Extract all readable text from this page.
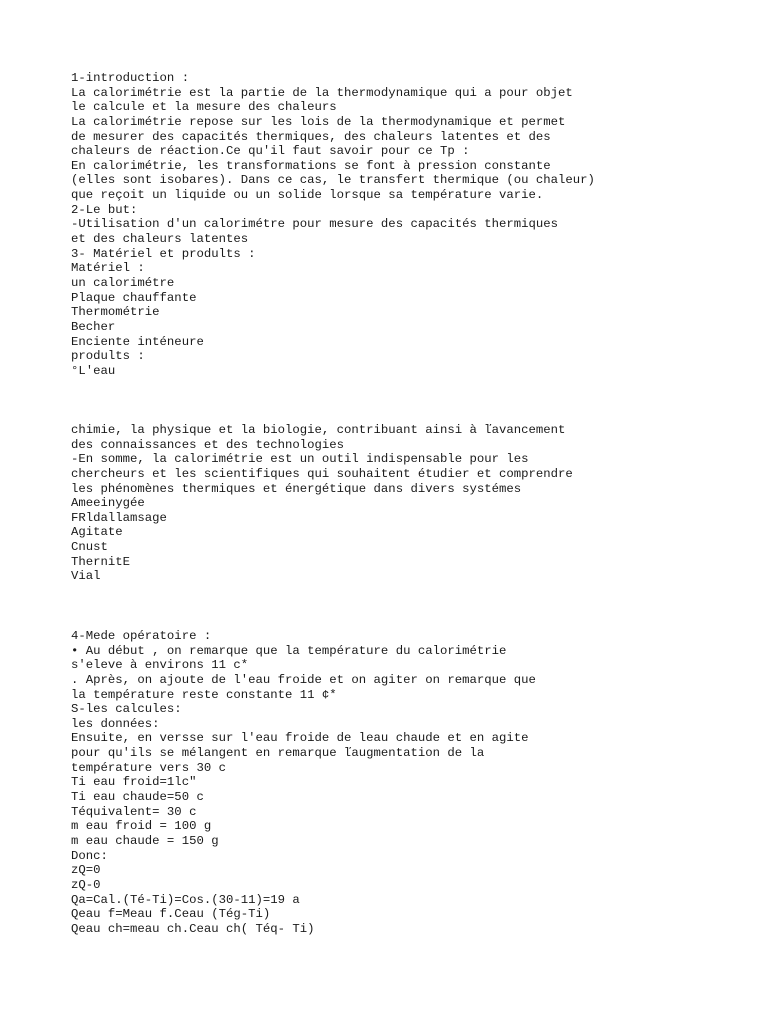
1-introduction :
La calorimétrie est la partie de la thermodynamique qui a pour objet
le calcule et la mesure des chaleurs
La calorimétrie repose sur les lois de la thermodynamique et permet
de mesurer des capacités thermiques, des chaleurs latentes et des
chaleurs de réaction.Ce qu'il faut savoir pour ce Tp :
En calorimétrie, les transformations se font à pression constante
(elles sont isobares). Dans ce cas, le transfert thermique (ou chaleur)
que reçoit un liquide ou un solide lorsque sa température varie.
2-Le but:
-Utilisation d'un calorimétre pour mesure des capacités thermiques
et des chaleurs latentes
3- Matériel et prodults :
Matériel :
un calorimétre
Plaque chauffante
Thermométrie
Becher
Enciente inténeure
prodults :
°L'eau
chimie, la physique et la biologie, contribuant ainsi à ľavancement
des connaissances et des technologies
-En somme, la calorimétrie est un outil indispensable pour les
chercheurs et les scientifiques qui souhaitent étudier et comprendre
les phénomènes thermiques et énergétique dans divers systémes
Ameeinygée
FRldallamsage
Agitate
Cnust
ThernitE
Vial
4-Mede opératoire :
• Au début , on remarque que la température du calorimétrie
s'eleve à environs 11 c*
. Après, on ajoute de l'eau froide et on agiter on remarque que
la température reste constante 11 ¢*
S-les calcules:
les données:
Ensuite, en versse sur l'eau froide de leau chaude et en agite
pour qu'ils se mélangent en remarque ľaugmentation de la
température vers 30 c
Ti eau froid=1lc"
Ti eau chaude=50 c
Téquivalent= 30 c
m eau froid = 100 g
m eau chaude = 150 g
Donc:
zQ=0
zQ-0
Qa=Cal.(Té-Ti)=Cos.(30-11)=19 a
Qeau f=Meau f.Ceau (Tég-Ti)
Qeau ch=meau ch.Ceau ch( Téq- Ti)
